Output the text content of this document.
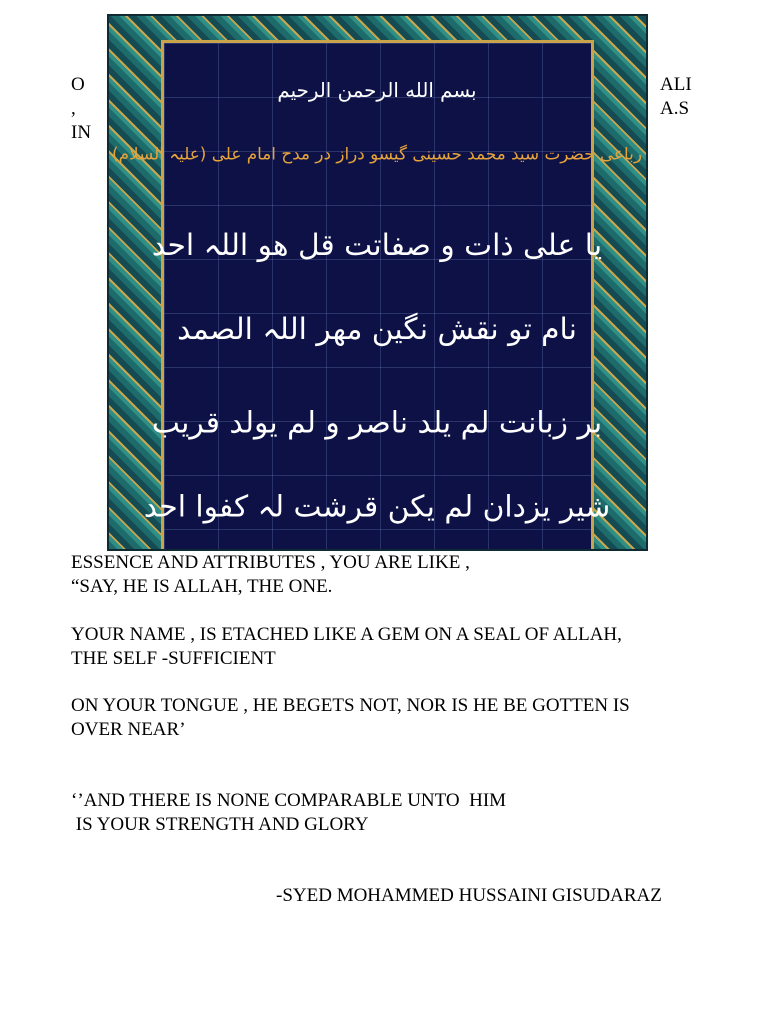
O
,
IN
ALI
A.S
بسم الله الرحمن الرحیم
رباعی حضرت سید محمد حسینی گیسو دراز در مدح امام علی (علیہ السلام)
یا علی ذات و صفاتت قل ھو اللہ احد
نام تو نقش نگین مھر اللہ الصمد
بر زبانت لم یلد ناصر و لم یولد قریب
شیر یزدان لم یکن قرشت لہ کفوا احد

ESSENCE AND ATTRIBUTES , YOU ARE LIKE ,

“SAY, HE IS ALLAH, THE ONE.

YOUR NAME , IS ETACHED LIKE A GEM ON A SEAL OF ALLAH,

THE SELF -SUFFICIENT

ON YOUR TONGUE , HE BEGETS NOT, NOR IS HE BE GOTTEN IS

OVER NEAR’

‘’AND THERE IS NONE COMPARABLE UNTO  HIM

IS YOUR STRENGTH AND GLORY

-SYED MOHAMMED HUSSAINI GISUDARAZ
